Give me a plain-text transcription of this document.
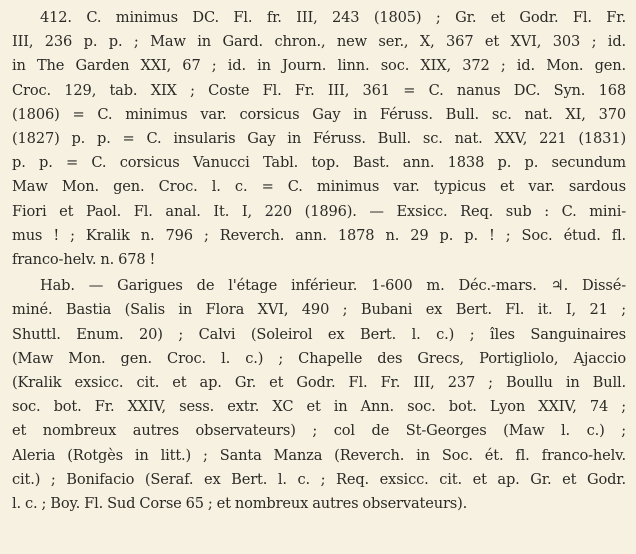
412. C. minimus DC. Fl. fr. III, 243 (1805) ; Gr. et Godr. Fl. Fr.
III, 236 p. p. ; Maw in Gard. chron., new ser., X, 367 et XVI, 303 ; id.
in The Garden XXI, 67 ; id. in Journ. linn. soc. XIX, 372 ; id. Mon. gen.
Croc. 129, tab. XIX ; Coste Fl. Fr. III, 361 = C. nanus DC. Syn. 168
(1806) = C. minimus var. corsicus Gay in Féruss. Bull. sc. nat. XI, 370
(1827) p. p. = C. insularis Gay in Féruss. Bull. sc. nat. XXV, 221 (1831)
p. p. = C. corsicus Vanucci Tabl. top. Bast. ann. 1838 p. p. secundum
Maw Mon. gen. Croc. l. c. = C. minimus var. typicus et var. sardous
Fiori et Paol. Fl. anal. It. I, 220 (1896). — Exsicc. Req. sub : C. mini-
mus ! ; Kralik n. 796 ; Reverch. ann. 1878 n. 29 p. p. ! ; Soc. étud. fl.
franco-helv. n. 678 !

Hab. — Garigues de l'étage inférieur. 1-600 m. Déc.-mars. ♃. Dissé-
miné. Bastia (Salis in Flora XVI, 490 ; Bubani ex Bert. Fl. it. I, 21 ;
Shuttl. Enum. 20) ; Calvi (Soleirol ex Bert. l. c.) ; îles Sanguinaires
(Maw Mon. gen. Croc. l. c.) ; Chapelle des Grecs, Portigliolo, Ajaccio
(Kralik exsicc. cit. et ap. Gr. et Godr. Fl. Fr. III, 237 ; Boullu in Bull.
soc. bot. Fr. XXIV, sess. extr. XC et in Ann. soc. bot. Lyon XXIV, 74 ;
et nombreux autres observateurs) ; col de St-Georges (Maw l. c.) ;
Aleria (Rotgès in litt.) ; Santa Manza (Reverch. in Soc. ét. fl. franco-helv.
cit.) ; Bonifacio (Seraf. ex Bert. l. c. ; Req. exsicc. cit. et ap. Gr. et Godr.
l. c. ; Boy. Fl. Sud Corse 65 ; et nombreux autres observateurs).
